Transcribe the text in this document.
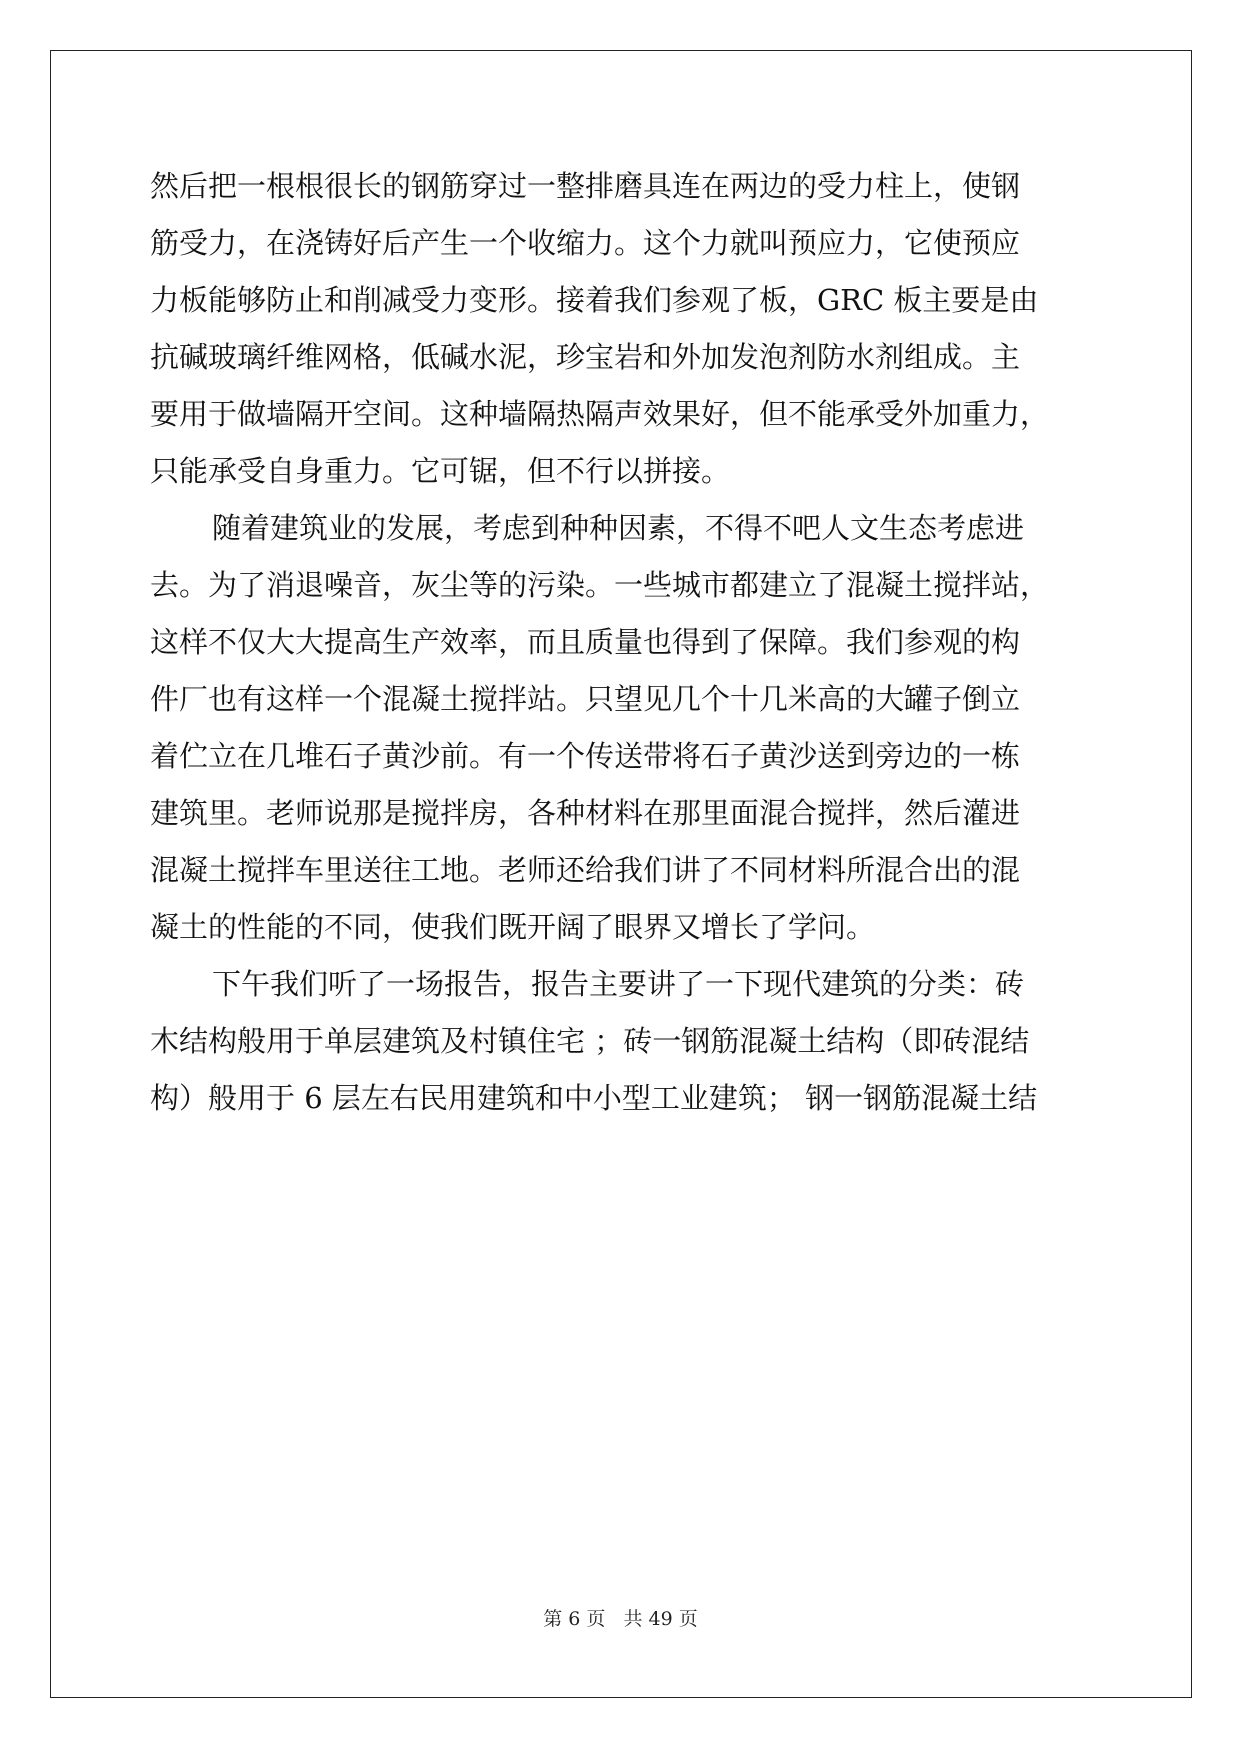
然后把一根根很长的钢筋穿过一整排磨具连在两边的受力柱上，使钢
筋受力，在浇铸好后产生一个收缩力。这个力就叫预应力，它使预应
力板能够防止和削减受力变形。接着我们参观了板，GRC 板主要是由
抗碱玻璃纤维网格，低碱水泥，珍宝岩和外加发泡剂防水剂组成。主
要用于做墙隔开空间。这种墙隔热隔声效果好，但不能承受外加重力，
只能承受自身重力。它可锯，但不行以拼接。
随着建筑业的发展，考虑到种种因素，不得不吧人文生态考虑进
去。为了消退噪音，灰尘等的污染。一些城市都建立了混凝土搅拌站，
这样不仅大大提高生产效率，而且质量也得到了保障。我们参观的构
件厂也有这样一个混凝土搅拌站。只望见几个十几米高的大罐子倒立
着伫立在几堆石子黄沙前。有一个传送带将石子黄沙送到旁边的一栋
建筑里。老师说那是搅拌房，各种材料在那里面混合搅拌，然后灌进
混凝土搅拌车里送往工地。老师还给我们讲了不同材料所混合出的混
凝土的性能的不同，使我们既开阔了眼界又增长了学问。
下午我们听了一场报告，报告主要讲了一下现代建筑的分类：砖
木结构般用于单层建筑及村镇住宅 ；砖一钢筋混凝土结构（即砖混结
构）般用于 6 层左右民用建筑和中小型工业建筑； 钢一钢筋混凝土结
第 6 页 共 49 页
